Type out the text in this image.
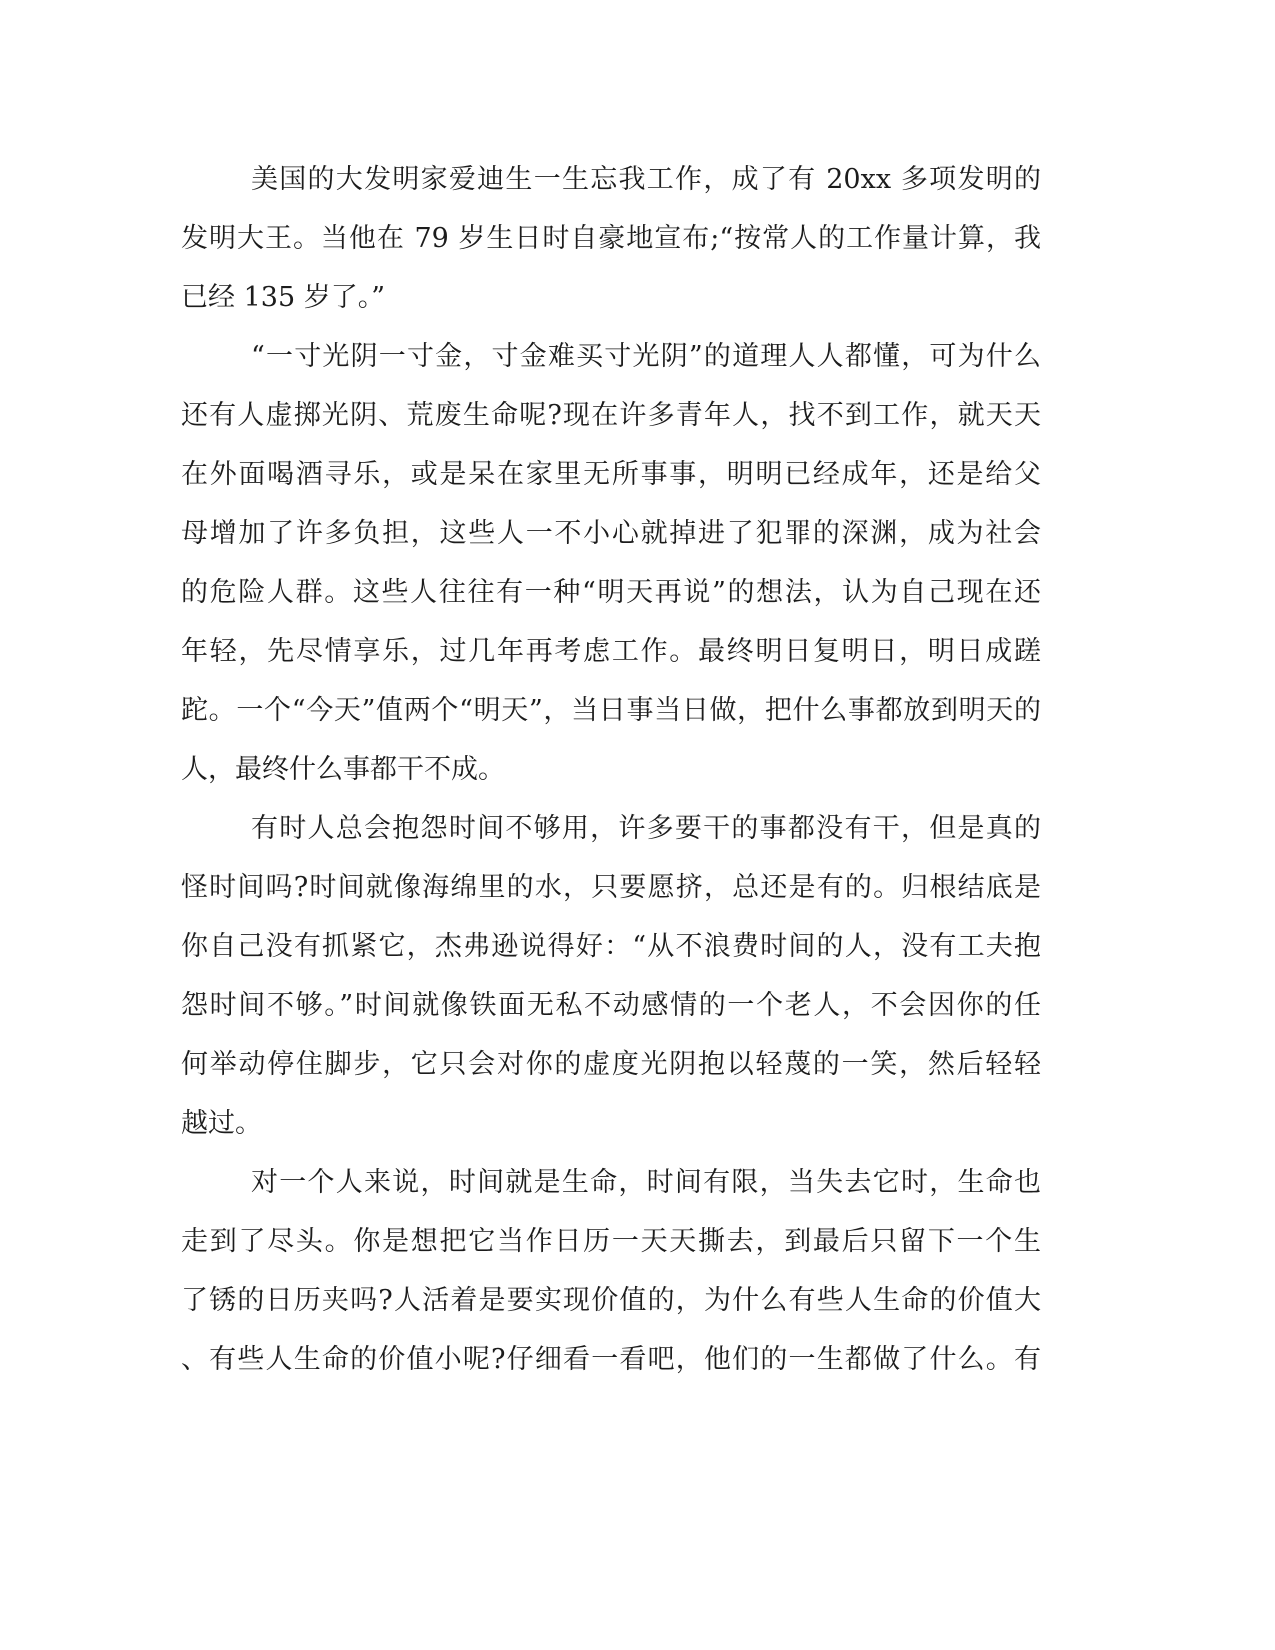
美国的大发明家爱迪生一生忘我工作，成了有 20xx 多项发明的
发明大王。当他在 79 岁生日时自豪地宣布;“按常人的工作量计算，我
已经 135 岁了。”
“一寸光阴一寸金，寸金难买寸光阴”的道理人人都懂，可为什么
还有人虚掷光阴、荒废生命呢?现在许多青年人，找不到工作，就天天
在外面喝酒寻乐，或是呆在家里无所事事，明明已经成年，还是给父
母增加了许多负担，这些人一不小心就掉进了犯罪的深渊，成为社会
的危险人群。这些人往往有一种“明天再说”的想法，认为自己现在还
年轻，先尽情享乐，过几年再考虑工作。最终明日复明日，明日成蹉
跎。一个“今天”值两个“明天”，当日事当日做，把什么事都放到明天的
人，最终什么事都干不成。
有时人总会抱怨时间不够用，许多要干的事都没有干，但是真的
怪时间吗?时间就像海绵里的水，只要愿挤，总还是有的。归根结底是
你自己没有抓紧它，杰弗逊说得好：“从不浪费时间的人，没有工夫抱
怨时间不够。”时间就像铁面无私不动感情的一个老人，不会因你的任
何举动停住脚步，它只会对你的虚度光阴抱以轻蔑的一笑，然后轻轻
越过。
对一个人来说，时间就是生命，时间有限，当失去它时，生命也
走到了尽头。你是想把它当作日历一天天撕去，到最后只留下一个生
了锈的日历夹吗?人活着是要实现价值的，为什么有些人生命的价值大
、有些人生命的价值小呢?仔细看一看吧，他们的一生都做了什么。有
